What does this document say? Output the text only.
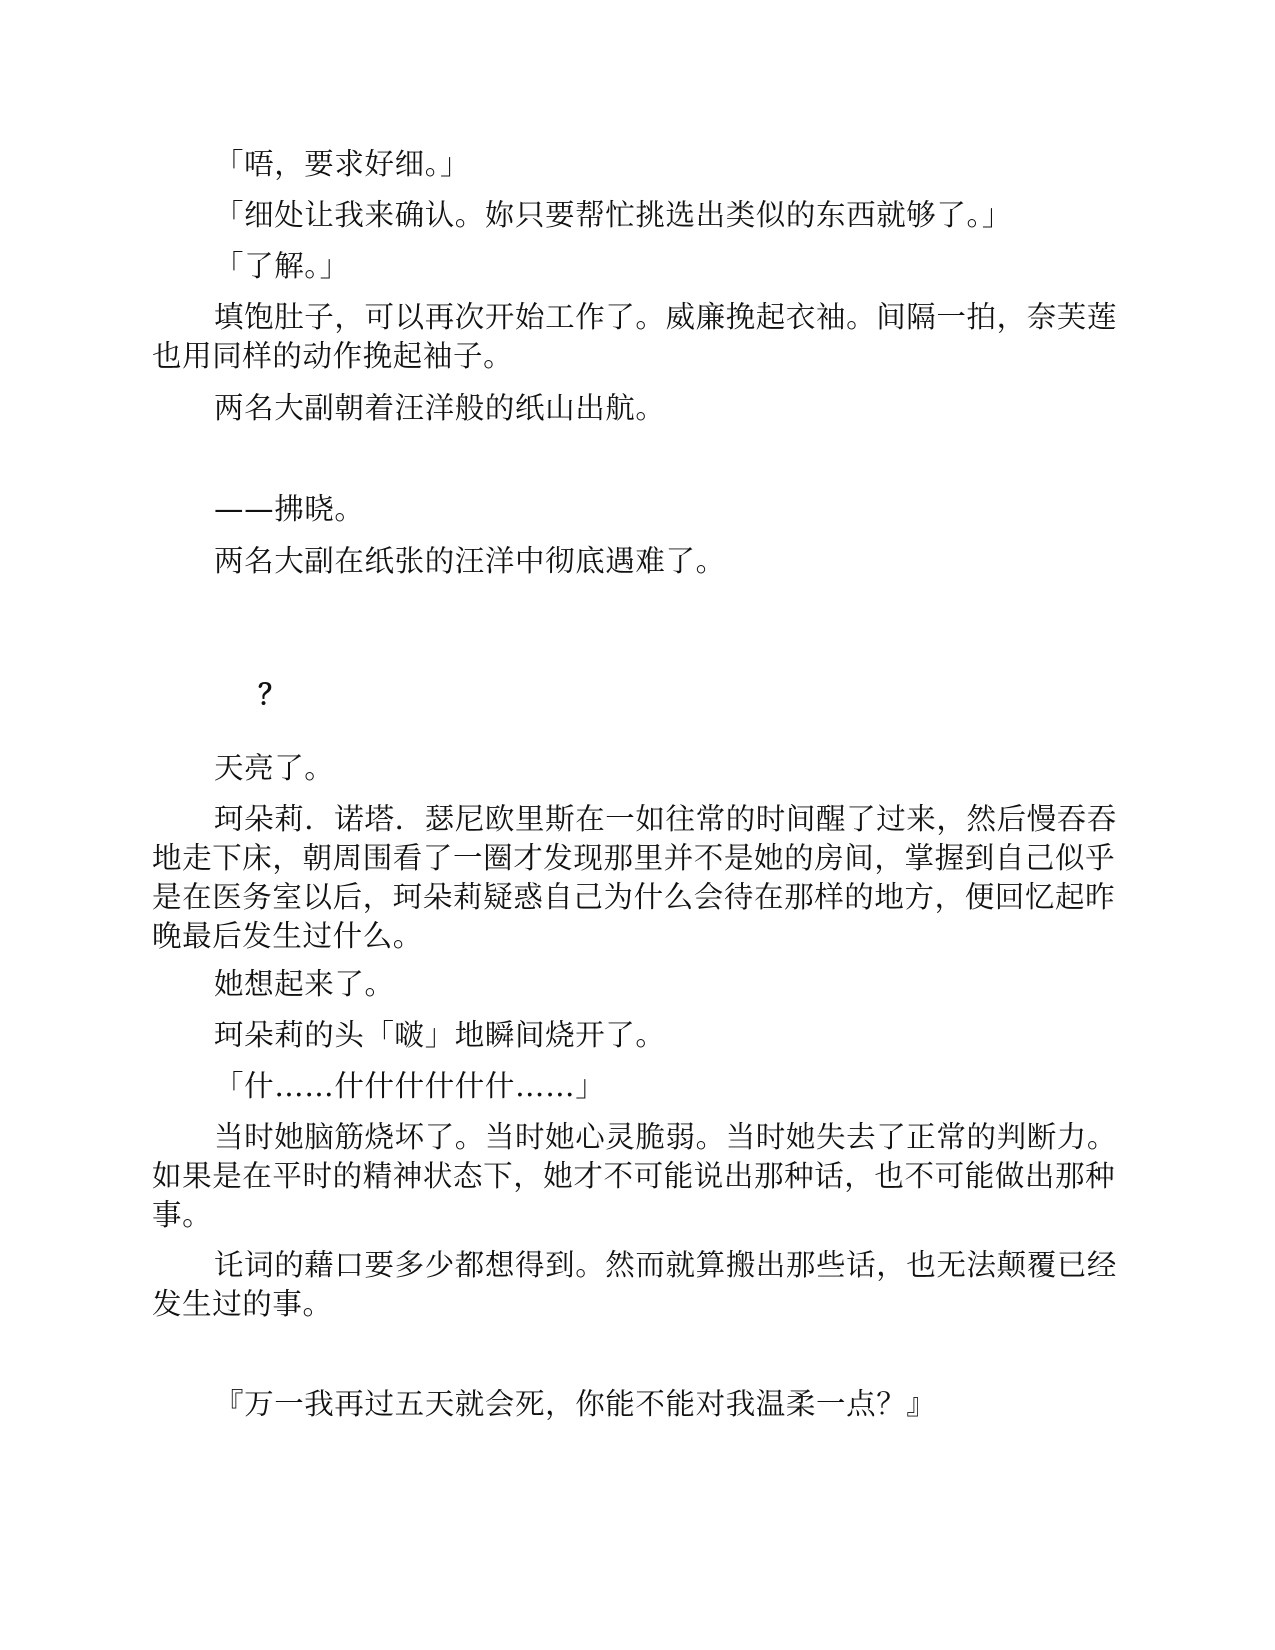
「唔，要求好细。」

「细处让我来确认。妳只要帮忙挑选出类似的东西就够了。」

「了解。」

填饱肚子，可以再次开始工作了。威廉挽起衣袖。间隔一拍，奈芙莲也用同样的动作挽起袖子。

两名大副朝着汪洋般的纸山出航。

——拂晓。

两名大副在纸张的汪洋中彻底遇难了。

？

天亮了。

珂朵莉．诺塔．瑟尼欧里斯在一如往常的时间醒了过来，然后慢吞吞地走下床，朝周围看了一圈才发现那里并不是她的房间，掌握到自己似乎是在医务室以后，珂朵莉疑惑自己为什么会待在那样的地方，便回忆起昨晚最后发生过什么。

她想起来了。

珂朵莉的头「啵」地瞬间烧开了。

「什……什什什什什什……」

当时她脑筋烧坏了。当时她心灵脆弱。当时她失去了正常的判断力。如果是在平时的精神状态下，她才不可能说出那种话，也不可能做出那种事。

讬词的藉口要多少都想得到。然而就算搬出那些话，也无法颠覆已经发生过的事。

『万一我再过五天就会死，你能不能对我温柔一点？』
